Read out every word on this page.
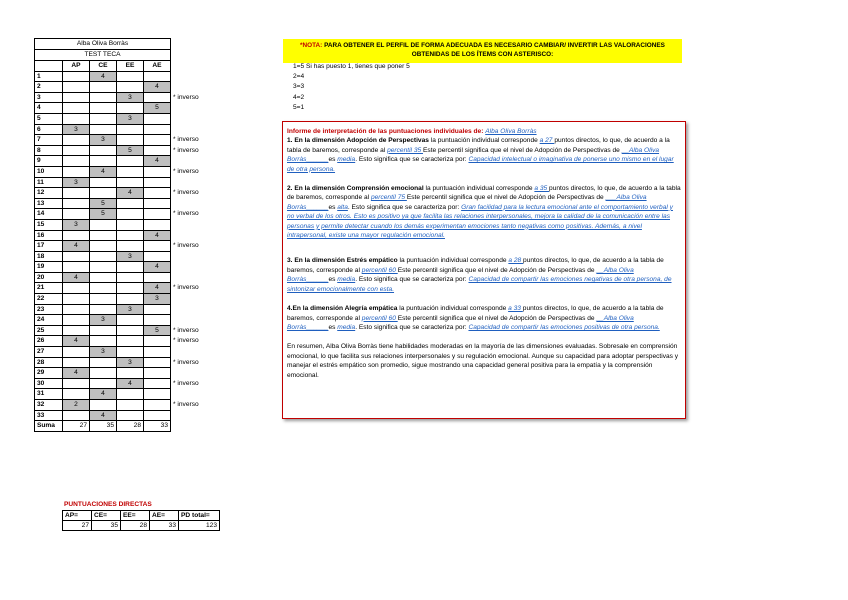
Alba Oliva Borràs					
TEST TECA					
	AP	CE	EE	AE	
1		4			
2				4	
3			3		* inverso
4				5	
5			3		
6	3				
7		3			* inverso
8			5		* inverso
9				4	
10		4			* inverso
11	3				
12			4		* inverso
13		5			
14		5			* inverso
15	3				
16				4	
17	4				* inverso
18			3		
19				4	
20	4				
21				4	* inverso
22				3	
23			3		
24		3			
25				5	* inverso
26	4				* inverso
27		3			
28			3		* inverso
29	4				
30			4		* inverso
31		4			
32	2				* inverso
33		4			
Suma	27	35	28	33	
*NOTA: PARA OBTENER EL PERFIL DE FORMA ADECUADA ES NECESARIO CAMBIAR/ INVERTIR LAS VALORACIONES OBTENIDAS DE LOS ÍTEMS CON ASTERISCO:
1=5 Si has puesto 1, tienes que poner 5
2=4
3=3
4=2
5=1
Informe de interpretación de las puntuaciones individuales de: Alba Oliva Borràs

1. En la dimensión Adopción de Perspectivas la puntuación individual corresponde a 27 puntos directos, lo que, de acuerdo a la tabla de baremos, corresponde al percentil 35 Este percentil significa que el nivel de Adopción de Perspectivas de __Alba Oliva Borràs______es media. Esto significa que se caracteriza por: Capacidad intelectual o imaginativa de ponerse uno mismo en el lugar de otra persona.

2. En la dimensión Comprensión emocional la puntuación individual corresponde a 35 puntos directos, lo que, de acuerdo a la tabla de baremos, corresponde al percentil 75 Este percentil significa que el nivel de Adopción de Perspectivas de ___Alba Oliva Borràs______es alta. Esto significa que se caracteriza por: Gran facilidad para la lectura emocional ante el comportamiento verbal y no verbal de los otros. Esto es positivo ya que facilita las relaciones interpersonales, mejora la calidad de la comunicación entre las personas y permite detectar cuando los demás experimentan emociones tanto negativas como positivas. Además, a nivel intrapersonal, existe una mayor regulación emocional.

3. En la dimensión Estrés empático la puntuación individual corresponde a 28 puntos directos, lo que, de acuerdo a la tabla de baremos, corresponde al percentil 60 Este percentil significa que el nivel de Adopción de Perspectivas de __Alba Oliva Borràs______es media. Esto significa que se caracteriza por: Capacidad de compartir las emociones negativas de otra persona, de sintonizar emocionalmente con esta.

4.En la dimensión Alegría empática la puntuación individual corresponde a 33 puntos directos, lo que, de acuerdo a la tabla de baremos, corresponde al percentil 60 Este percentil significa que el nivel de Adopción de Perspectivas de __Alba Oliva Borràs______es media. Esto significa que se caracteriza por: Capacidad de compartir las emociones positivas de otra persona.

En resumen, Alba Oliva Borràs tiene habilidades moderadas en la mayoría de las dimensiones evaluadas. Sobresale en comprensión emocional, lo que facilita sus relaciones interpersonales y su regulación emocional. Aunque su capacidad para adoptar perspectivas y manejar el estrés empático son promedio, sigue mostrando una capacidad general positiva para la empatía y la comprensión emocional.

PUNTUACIONES DIRECTAS
AP=	CE=	EE=	AE=	PD total=
27	35	28	33	123
